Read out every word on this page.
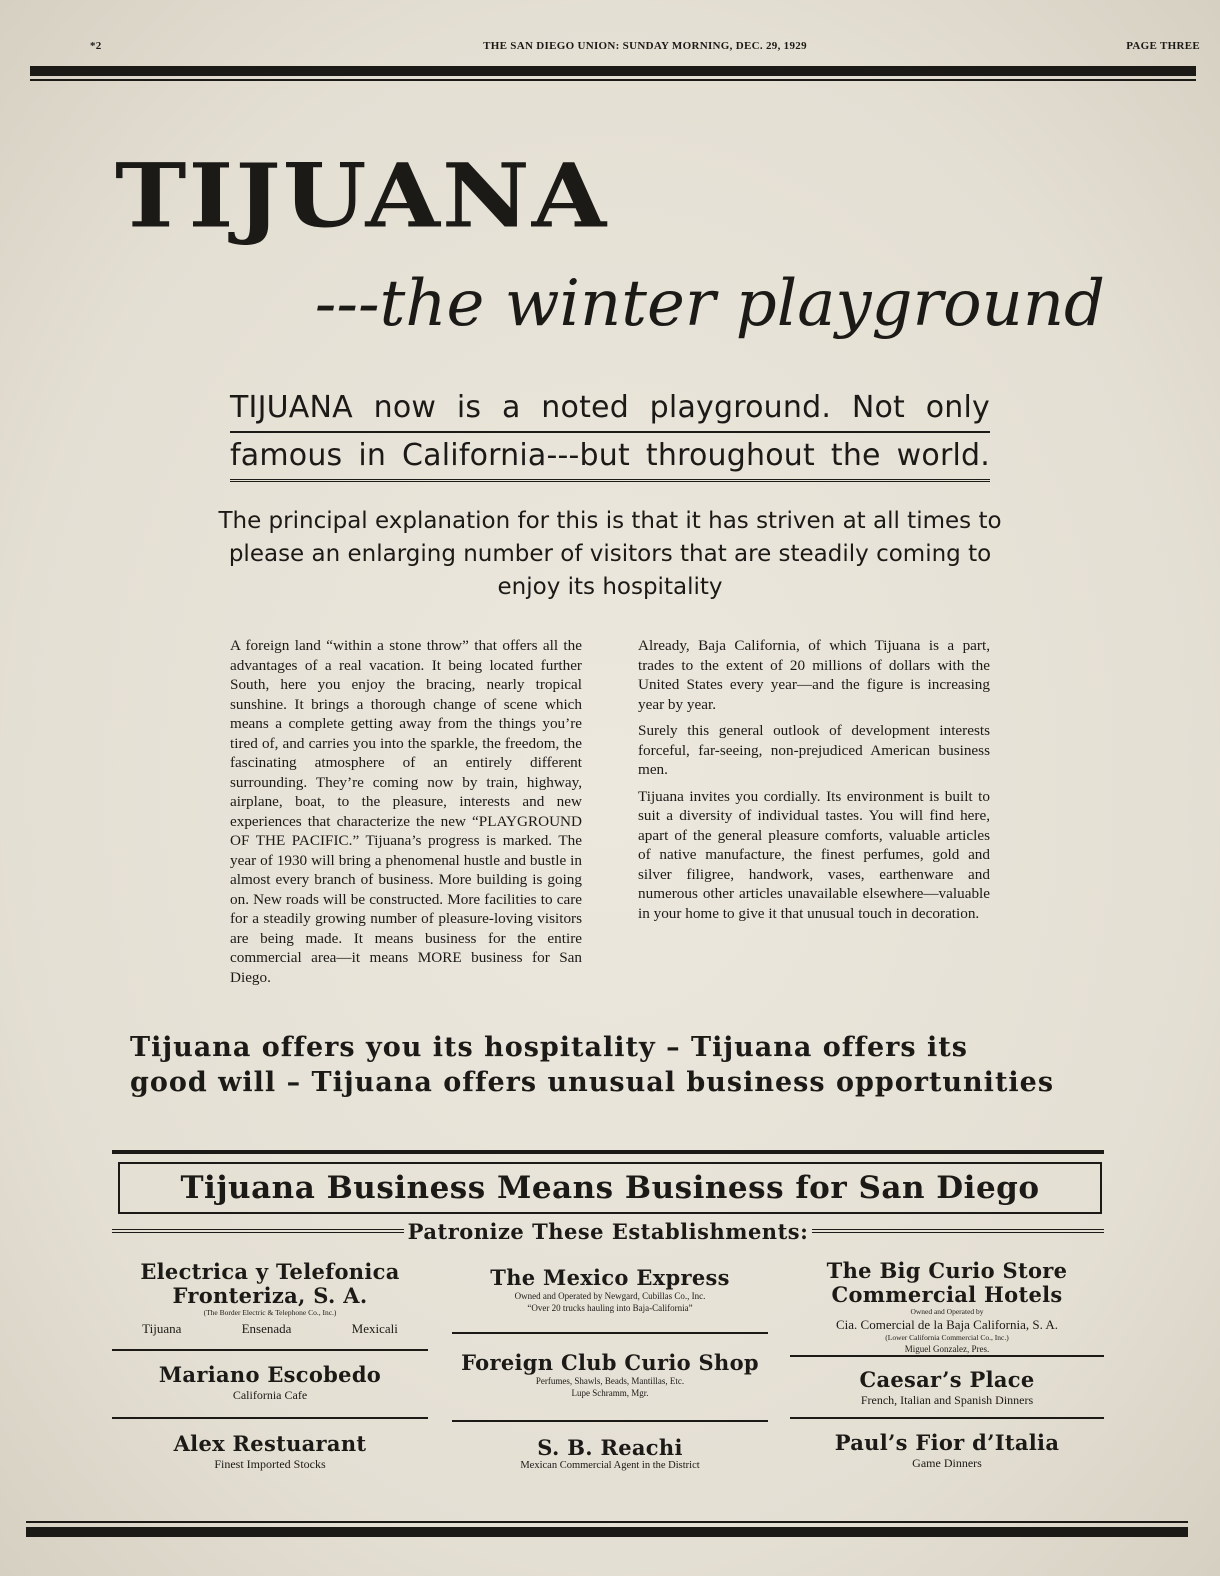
*2	THE SAN DIEGO UNION: SUNDAY MORNING, DEC. 29, 1929	PAGE THREE
TIJUANA
---the winter playground
TIJUANA now is a noted playground. Not only
famous in California---but throughout the world.
The principal explanation for this is that it has striven at all times to please an enlarging number of visitors that are steadily coming to enjoy its hospitality

A foreign land “within a stone throw” that offers all the advantages of a real vacation. It being located further South, here you enjoy the bracing, nearly tropical sunshine. It brings a thorough change of scene which means a complete getting away from the things you’re tired of, and carries you into the sparkle, the freedom, the fascinating atmosphere of an entirely different surrounding. They’re coming now by train, highway, airplane, boat, to the pleasure, interests and new experiences that characterize the new “PLAYGROUND OF THE PACIFIC.” Tijuana’s progress is marked. The year of 1930 will bring a phenomenal hustle and bustle in almost every branch of business. More building is going on. New roads will be constructed. More facilities to care for a steadily growing number of pleasure-loving visitors are being made. It means business for the entire commercial area—it means MORE business for San Diego.

Already, Baja California, of which Tijuana is a part, trades to the extent of 20 millions of dollars with the United States every year—and the figure is increasing year by year.

Surely this general outlook of development interests forceful, far-seeing, non-prejudiced American business men.

Tijuana invites you cordially. Its environment is built to suit a diversity of individual tastes. You will find here, apart of the general pleasure comforts, valuable articles of native manufacture, the finest perfumes, gold and silver filigree, handwork, vases, earthenware and numerous other articles unavailable elsewhere—valuable in your home to give it that unusual touch in decoration.

Tijuana offers you its hospitality – Tijuana offers its
good will – Tijuana offers unusual business opportunities
Tijuana Business Means Business for San Diego
Patronize These Establishments:
Electrica y Telefonica
Fronteriza, S. A.
(The Border Electric & Telephone Co., Inc.)
Tijuana	Ensenada	Mexicali
The Mexico Express
Owned and Operated by Newgard, Cubillas Co., Inc.
“Over 20 trucks hauling into Baja-California”
The Big Curio Store
Commercial Hotels
Owned and Operated by
Cia. Comercial de la Baja California, S. A.
(Lower California Commercial Co., Inc.)
Miguel Gonzalez, Pres.
Mariano Escobedo
California Cafe
Foreign Club Curio Shop
Perfumes, Shawls, Beads, Mantillas, Etc.
Lupe Schramm, Mgr.
Caesar’s Place
French, Italian and Spanish Dinners
Alex Restuarant
Finest Imported Stocks
S. B. Reachi
Mexican Commercial Agent in the District
Paul’s Fior d’Italia
Game Dinners
